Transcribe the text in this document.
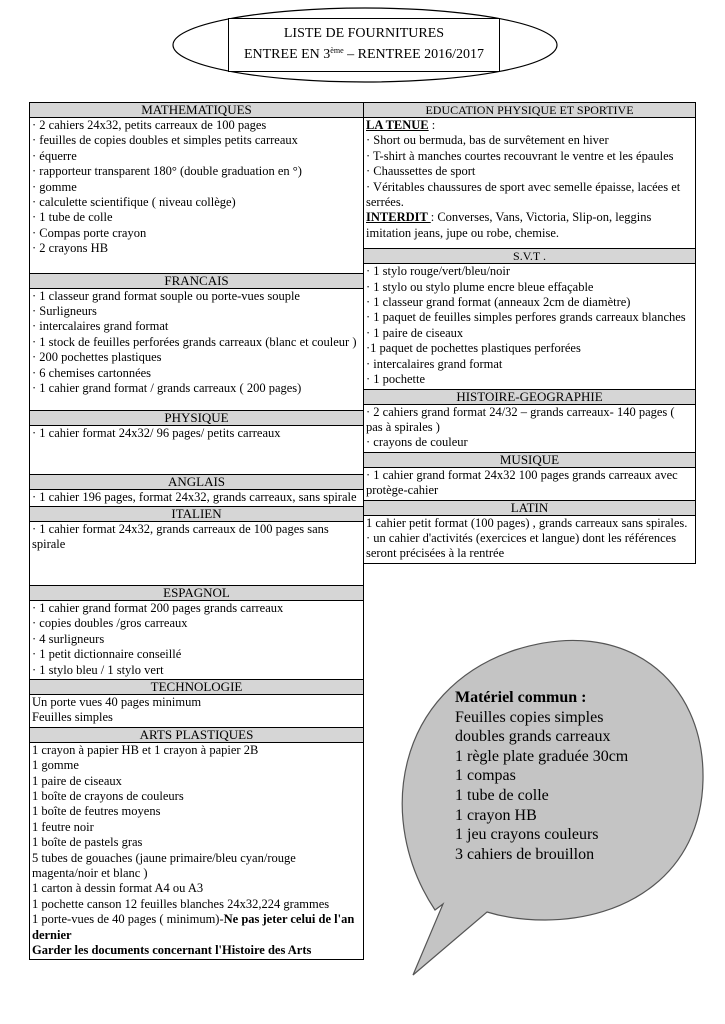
LISTE DE FOURNITURES
ENTREE EN 3ème – RENTREE 2016/2017
MATHEMATIQUES
· 2 cahiers 24x32, petits carreaux de 100 pages
· feuilles de copies doubles et simples petits carreaux
· équerre
· rapporteur transparent 180° (double graduation en °)
· gomme
· calculette scientifique ( niveau collège)
· 1 tube de colle
· Compas porte crayon
· 2 crayons HB
FRANCAIS
· 1 classeur grand format souple ou porte-vues souple
· Surligneurs
· intercalaires grand format
· 1 stock de feuilles perforées grands carreaux (blanc et couleur )
· 200 pochettes plastiques
· 6 chemises cartonnées
· 1 cahier grand format / grands carreaux ( 200 pages)
PHYSIQUE
· 1 cahier format 24x32/ 96 pages/ petits carreaux
ANGLAIS
· 1 cahier 196 pages, format 24x32, grands carreaux, sans spirale
ITALIEN
· 1 cahier format 24x32, grands carreaux de 100 pages sans spirale
ESPAGNOL
· 1 cahier grand format 200 pages grands carreaux
· copies doubles /gros carreaux
· 4 surligneurs
· 1 petit dictionnaire conseillé
· 1 stylo bleu / 1 stylo vert
TECHNOLOGIE
Un porte vues 40 pages minimum
Feuilles simples
ARTS PLASTIQUES
1 crayon à papier HB et 1 crayon à papier 2B
1 gomme
1 paire de ciseaux
1 boîte de crayons de couleurs
1 boîte de feutres moyens
1 feutre noir
1 boîte de pastels gras
5 tubes de gouaches (jaune primaire/bleu cyan/rouge magenta/noir et blanc )
1 carton à dessin format A4 ou A3
1 pochette canson 12 feuilles blanches 24x32,224 grammes
1 porte-vues de 40 pages ( minimum)-Ne pas jeter celui de l'an dernier
Garder les documents concernant l'Histoire des Arts
EDUCATION PHYSIQUE ET SPORTIVE
LA TENUE :
· Short ou bermuda, bas de survêtement en hiver
· T-shirt à manches courtes recouvrant le ventre et les épaules
· Chaussettes de sport
· Véritables chaussures de sport avec semelle épaisse, lacées et serrées.
INTERDIT : Converses, Vans, Victoria, Slip-on, leggins imitation jeans, jupe ou robe, chemise.
S.V.T .
· 1 stylo rouge/vert/bleu/noir
· 1 stylo ou stylo plume encre bleue effaçable
· 1 classeur grand format (anneaux 2cm de diamètre)
· 1 paquet de feuilles simples perfores grands carreaux blanches
· 1 paire de ciseaux
·1 paquet de pochettes plastiques perforées
· intercalaires grand format
· 1 pochette
HISTOIRE-GEOGRAPHIE
· 2 cahiers grand format 24/32 – grands carreaux- 140 pages ( pas à spirales )
· crayons de couleur
MUSIQUE
· 1 cahier grand format 24x32 100 pages grands carreaux avec protège-cahier
LATIN
1 cahier petit format (100 pages) , grands carreaux sans spirales.
· un cahier d'activités (exercices et langue) dont les références seront précisées à la rentrée
Matériel commun :
Feuilles copies simples
doubles grands carreaux
1 règle plate graduée 30cm
1 compas
1 tube de colle
1 crayon HB
1 jeu crayons couleurs
3 cahiers de brouillon
